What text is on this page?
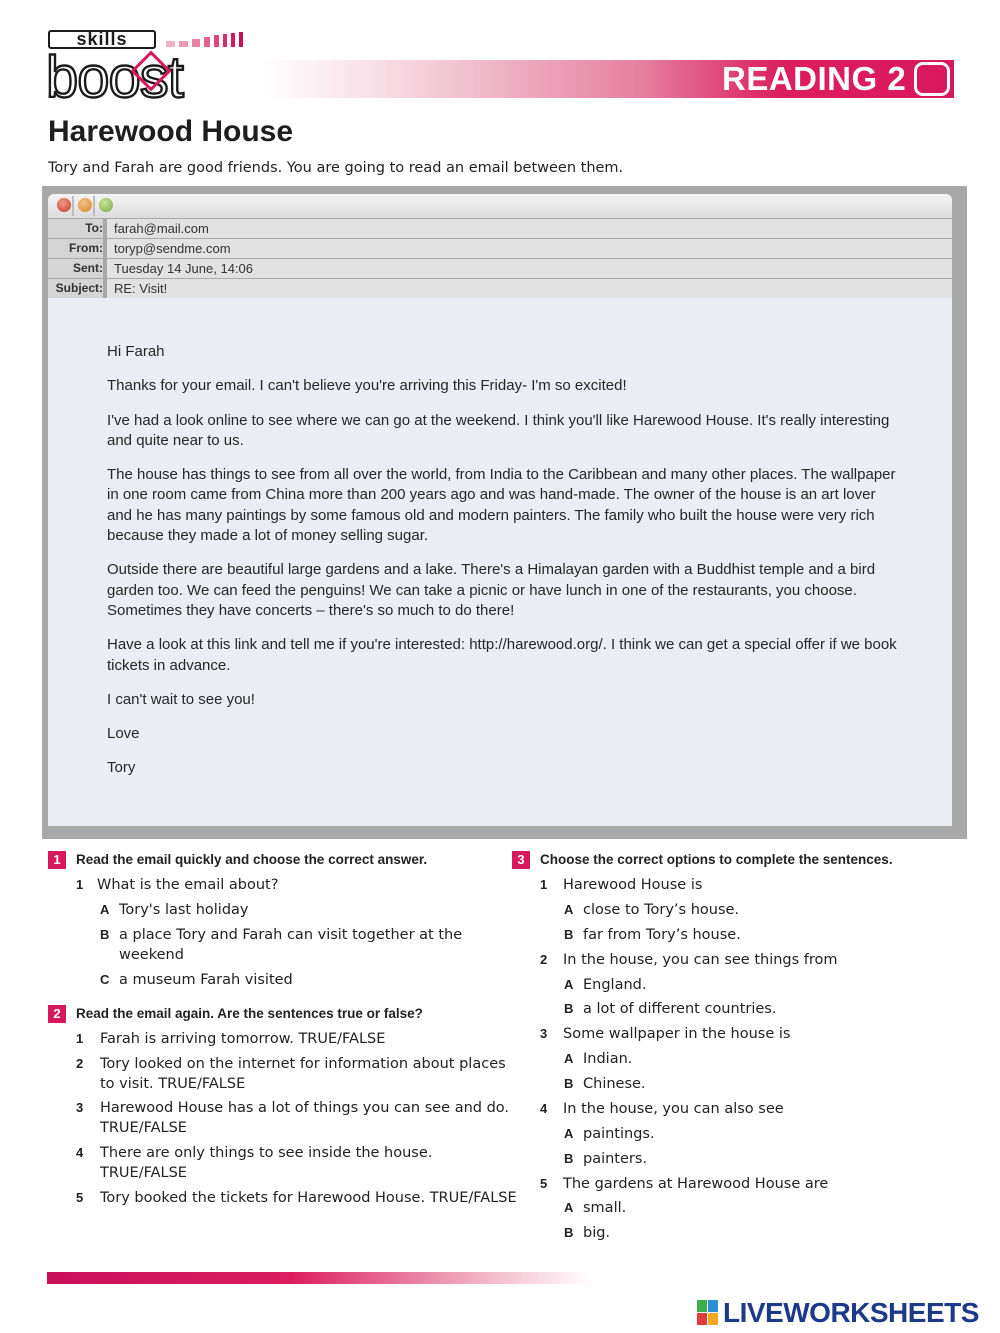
skills
boost	READING 2
Harewood House
Tory and Farah are good friends. You are going to read an email between them.
To: farah@mail.com
From: toryp@sendme.com
Sent: Tuesday 14 June, 14:06
Subject: RE: Visit!

Hi Farah

Thanks for your email. I can't believe you're arriving this Friday- I'm so excited!

I've had a look online to see where we can go at the weekend. I think you'll like Harewood House. It's really interesting and quite near to us.

The house has things to see from all over the world, from India to the Caribbean and many other places. The wallpaper in one room came from China more than 200 years ago and was hand-made. The owner of the house is an art lover and he has many paintings by some famous old and modern painters. The family who built the house were very rich because they made a lot of money selling sugar.

Outside there are beautiful large gardens and a lake. There's a Himalayan garden with a Buddhist temple and a bird garden too. We can feed the penguins! We can take a picnic or have lunch in one of the restaurants, you choose. Sometimes they have concerts – there's so much to do there!

Have a look at this link and tell me if you're interested: http://harewood.org/. I think we can get a special offer if we book tickets in advance.

I can't wait to see you!

Love

Tory

1	Read the email quickly and choose the correct answer.
1 What is the email about?
A Tory's last holiday
B a place Tory and Farah can visit together at the
weekend
C a museum Farah visited
2	Read the email again. Are the sentences true or false?
1 Farah is arriving tomorrow. TRUE/FALSE
2 Tory looked on the internet for information about places
to visit. TRUE/FALSE
3 Harewood House has a lot of things you can see and do.
TRUE/FALSE
4 There are only things to see inside the house.
TRUE/FALSE
5 Tory booked the tickets for Harewood House. TRUE/FALSE
3	Choose the correct options to complete the sentences.
1 Harewood House is
A close to Tory’s house.
B far from Tory’s house.
2 In the house, you can see things from
A England.
B a lot of different countries.
3 Some wallpaper in the house is
A Indian.
B Chinese.
4 In the house, you can also see
A paintings.
B painters.
5 The gardens at Harewood House are
A small.
B big.
LIVEWORKSHEETS
